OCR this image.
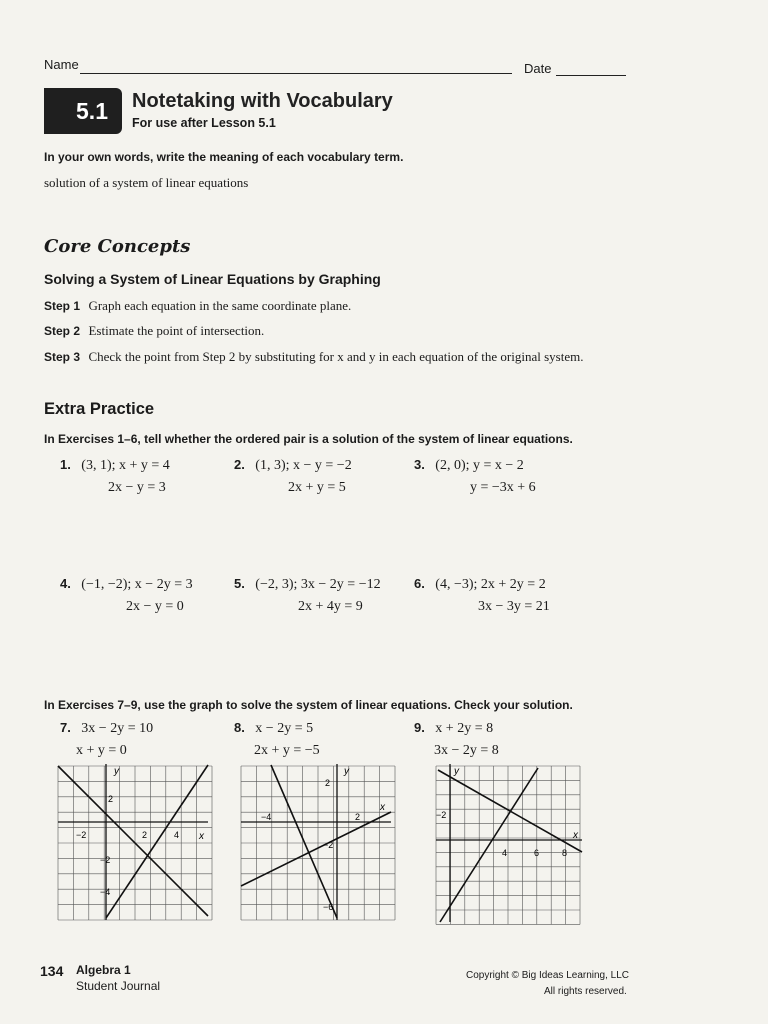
Name	Date
5.1 Notetaking with Vocabulary
For use after Lesson 5.1
In your own words, write the meaning of each vocabulary term.
solution of a system of linear equations
Core Concepts
Solving a System of Linear Equations by Graphing
Step 1 Graph each equation in the same coordinate plane.
Step 2 Estimate the point of intersection.
Step 3 Check the point from Step 2 by substituting for x and y in each equation of the original system.
Extra Practice
In Exercises 1–6, tell whether the ordered pair is a solution of the system of linear equations.
1. (3, 1); x + y = 4
2x − y = 3
2. (1, 3); x − y = −2
2x + y = 5
3. (2, 0); y = x − 2
y = −3x + 6
4. (−1, −2); x − 2y = 3
2x − y = 0
5. (−2, 3); 3x − 2y = −12
2x + 4y = 9
6. (4, −3); 2x + 2y = 2
3x − 3y = 21
In Exercises 7–9, use the graph to solve the system of linear equations. Check your solution.
7. 3x − 2y = 10
x + y = 0
8. x − 2y = 5
2x + y = −5
9. x + 2y = 8
3x − 2y = 8
y
x
−2	2	4
2
−2
−4
y
x
−4	2
2
−2
−6
y
x
4	6	8
−2
134 Algebra 1
Student Journal
Copyright © Big Ideas Learning, LLC
All rights reserved.
